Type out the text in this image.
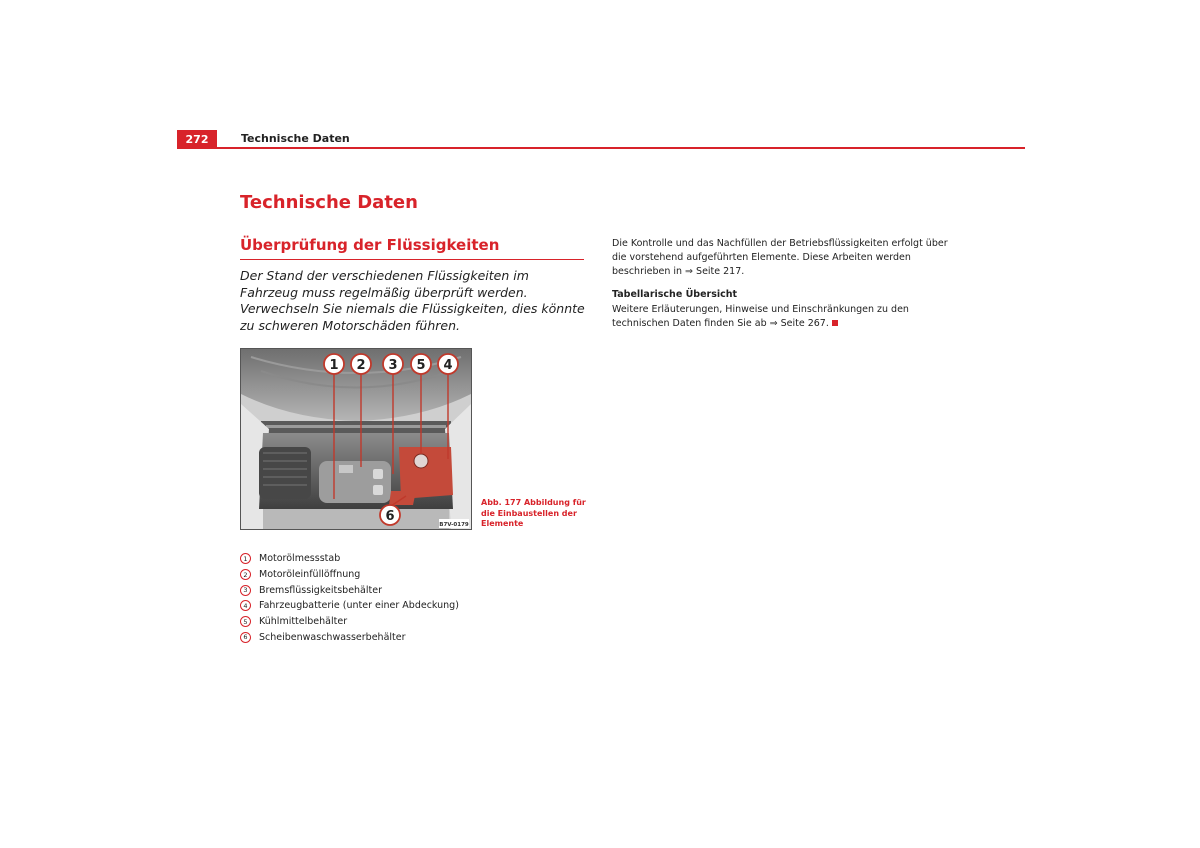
272	Technische Daten
Technische Daten
Überprüfung der Flüssigkeiten
Der Stand der verschiedenen Flüssigkeiten im Fahrzeug muss regelmäßig überprüft werden. Verwechseln Sie niemals die Flüssigkeiten, dies könnte zu schweren Motorschäden führen.
1 2 3 5 4
6
B7V-0179
Abb. 177 Abbildung für die Einbaustellen der Elemente
1	Motorölmessstab
2	Motoröleinfüllöffnung
3	Bremsflüssigkeitsbehälter
4	Fahrzeugbatterie (unter einer Abdeckung)
5	Kühlmittelbehälter
6	Scheibenwaschwasserbehälter

Die Kontrolle und das Nachfüllen der Betriebsflüssigkeiten erfolgt über die vorstehend aufgeführten Elemente. Diese Arbeiten werden beschrieben in ⇒ Seite 217.

Tabellarische Übersicht

Weitere Erläuterungen, Hinweise und Einschränkungen zu den technischen Daten finden Sie ab ⇒ Seite 267.
